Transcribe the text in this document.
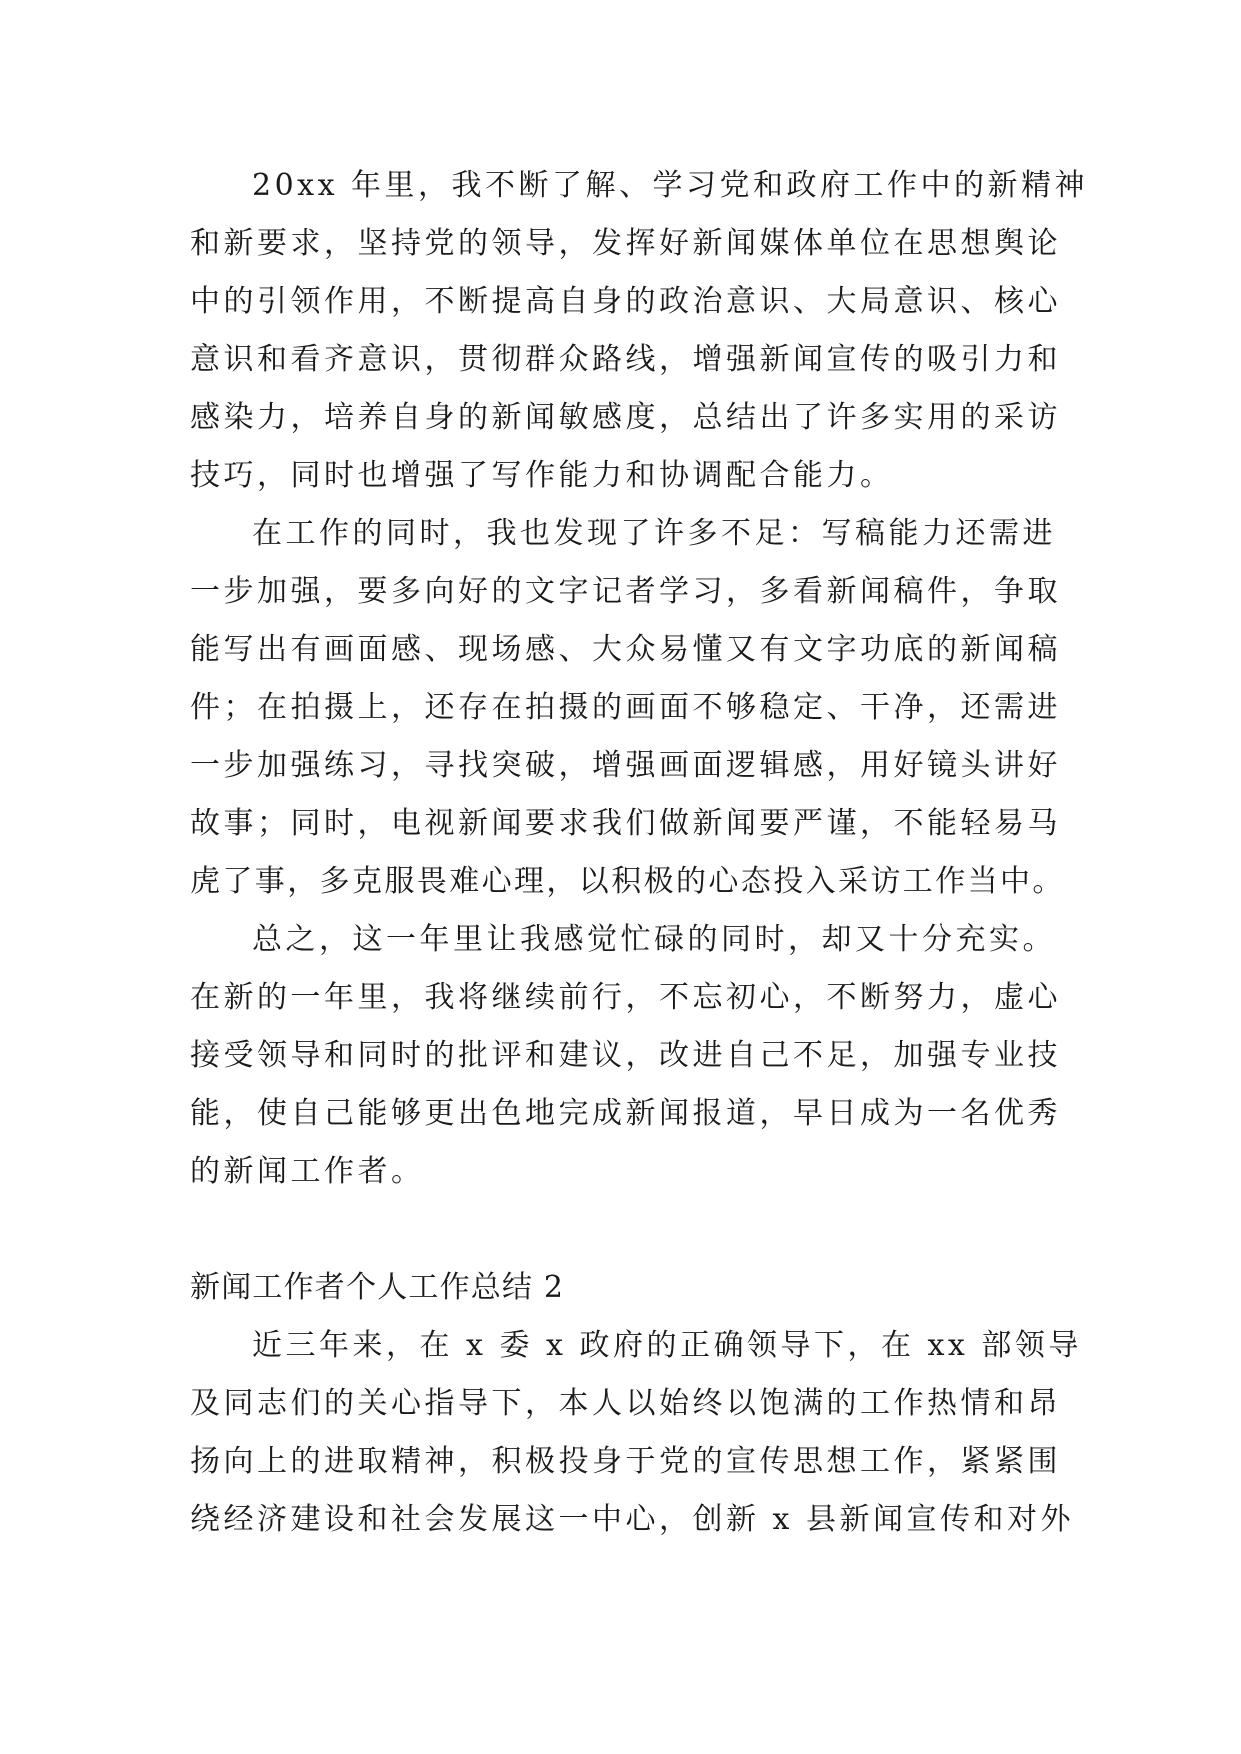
20xx 年里，我不断了解、学习党和政府工作中的新精神
和新要求，坚持党的领导，发挥好新闻媒体单位在思想舆论
中的引领作用，不断提高自身的政治意识、大局意识、核心
意识和看齐意识，贯彻群众路线，增强新闻宣传的吸引力和
感染力，培养自身的新闻敏感度，总结出了许多实用的采访
技巧，同时也增强了写作能力和协调配合能力。
在工作的同时，我也发现了许多不足：写稿能力还需进
一步加强，要多向好的文字记者学习，多看新闻稿件，争取
能写出有画面感、现场感、大众易懂又有文字功底的新闻稿
件；在拍摄上，还存在拍摄的画面不够稳定、干净，还需进
一步加强练习，寻找突破，增强画面逻辑感，用好镜头讲好
故事；同时，电视新闻要求我们做新闻要严谨，不能轻易马
虎了事，多克服畏难心理，以积极的心态投入采访工作当中。
总之，这一年里让我感觉忙碌的同时，却又十分充实。
在新的一年里，我将继续前行，不忘初心，不断努力，虚心
接受领导和同时的批评和建议，改进自己不足，加强专业技
能，使自己能够更出色地完成新闻报道，早日成为一名优秀
的新闻工作者。
新闻工作者个人工作总结 2
近三年来，在 x 委 x 政府的正确领导下，在 xx 部领导
及同志们的关心指导下，本人以始终以饱满的工作热情和昂
扬向上的进取精神，积极投身于党的宣传思想工作，紧紧围
绕经济建设和社会发展这一中心，创新 x 县新闻宣传和对外
